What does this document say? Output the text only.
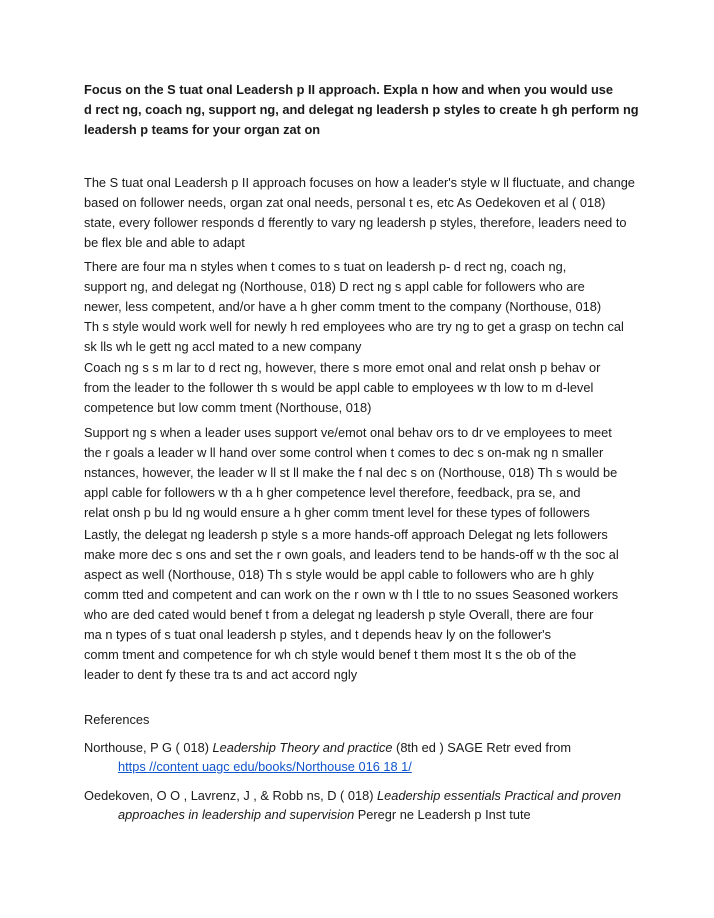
Focus on the S tuat onal Leadersh p II approach. Expla n how and when you would use
d rect ng, coach ng, support ng, and delegat ng leadersh p styles to create h gh perform ng
leadersh p teams for your organ zat on
The S tuat onal Leadersh p II approach focuses on how a leader's style w ll fluctuate, and change
based on follower needs, organ zat onal needs, personal t es, etc As Oedekoven et al ( 018)
state, every follower responds d fferently to vary ng leadersh p styles, therefore, leaders need to
be flex ble and able to adapt
There are four ma n styles when t comes to s tuat on leadersh p- d rect ng, coach ng,
support ng, and delegat ng (Northouse, 018) D rect ng s appl cable for followers who are
newer, less competent, and/or have a h gher comm tment to the company (Northouse, 018)
Th s style would work well for newly h red employees who are try ng to get a grasp on techn cal
sk lls wh le gett ng accl mated to a new company
Coach ng s s m lar to d rect ng, however, there s more emot onal and relat onsh p behav or
from the leader to the follower th s would be appl cable to employees w th low to m d-level
competence but low comm tment (Northouse, 018)
Support ng s when a leader uses support ve/emot onal behav ors to dr ve employees to meet
the r goals a leader w ll hand over some control when t comes to dec s on-mak ng n smaller
nstances, however, the leader w ll st ll make the f nal dec s on (Northouse, 018) Th s would be
appl cable for followers w th a h gher competence level therefore, feedback, pra se, and
relat onsh p bu ld ng would ensure a h gher comm tment level for these types of followers
Lastly, the delegat ng leadersh p style s a more hands-off approach Delegat ng lets followers
make more dec s ons and set the r own goals, and leaders tend to be hands-off w th the soc al
aspect as well (Northouse, 018) Th s style would be appl cable to followers who are h ghly
comm tted and competent and can work on the r own w th l ttle to no ssues Seasoned workers
who are ded cated would benef t from a delegat ng leadersh p style Overall, there are four
ma n types of s tuat onal leadersh p styles, and t depends heav ly on the follower's
comm tment and competence for wh ch style would benef t them most It s the ob of the
leader to dent fy these tra ts and act accord ngly
References
Northouse, P G ( 018) Leadership Theory and practice (8th ed ) SAGE Retr eved from
https //content uagc edu/books/Northouse 016 18 1/
Oedekoven, O O , Lavrenz, J , & Robb ns, D ( 018) Leadership essentials Practical and proven approaches in leadership and supervision Peregr ne Leadersh p Inst tute
